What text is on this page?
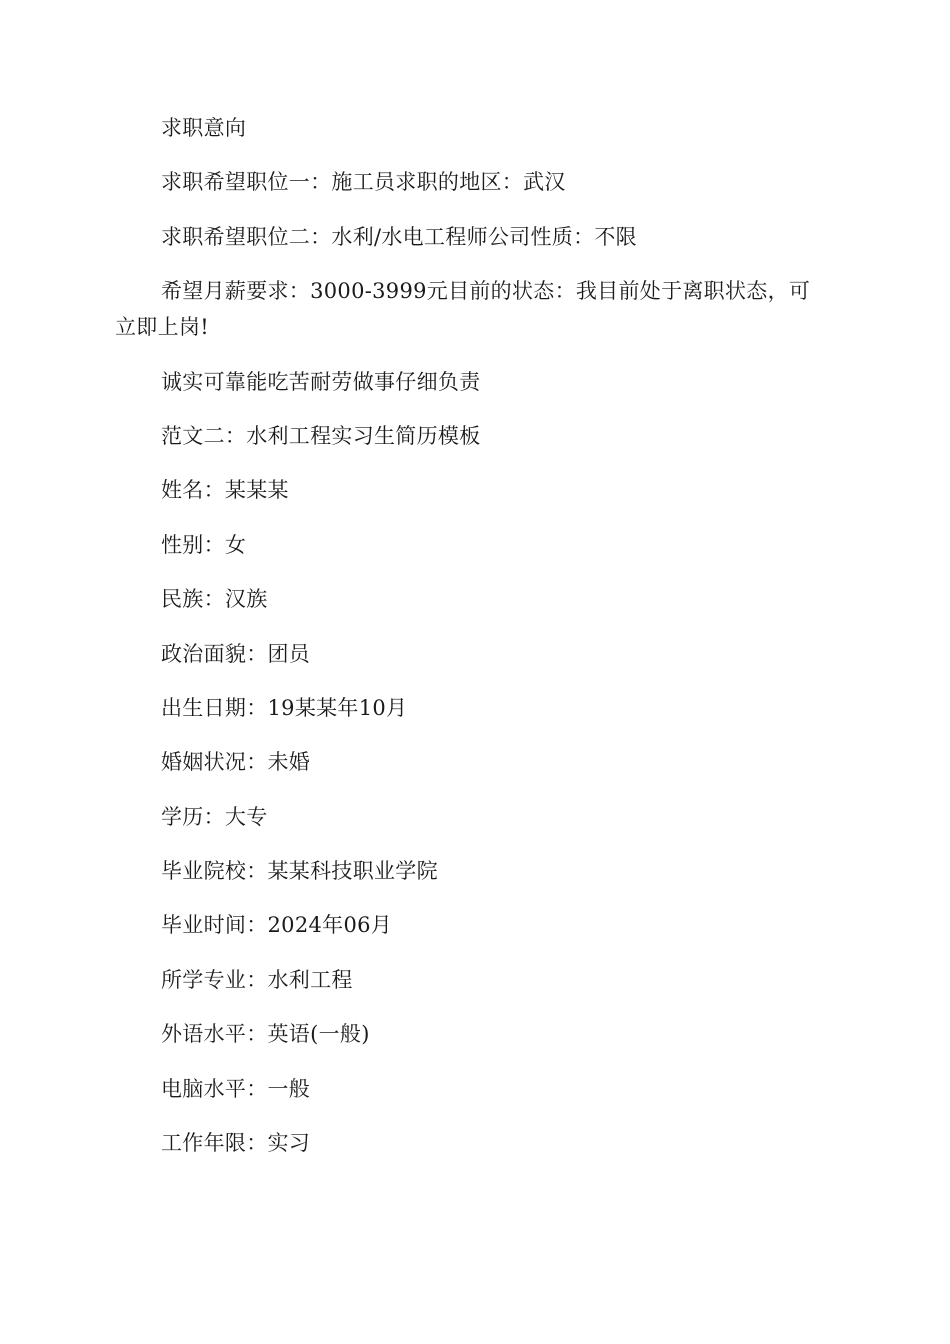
求职意向

求职希望职位一：施工员求职的地区：武汉

求职希望职位二：水利/水电工程师公司性质：不限

希望月薪要求：3000-3999元目前的状态：我目前处于离职状态，可立即上岗!

诚实可靠能吃苦耐劳做事仔细负责

范文二：水利工程实习生简历模板

姓名：某某某

性别：女

民族：汉族

政治面貌：团员

出生日期：19某某年10月

婚姻状况：未婚

学历：大专

毕业院校：某某科技职业学院

毕业时间：2024年06月

所学专业：水利工程

外语水平：英语(一般)

电脑水平：一般

工作年限：实习
